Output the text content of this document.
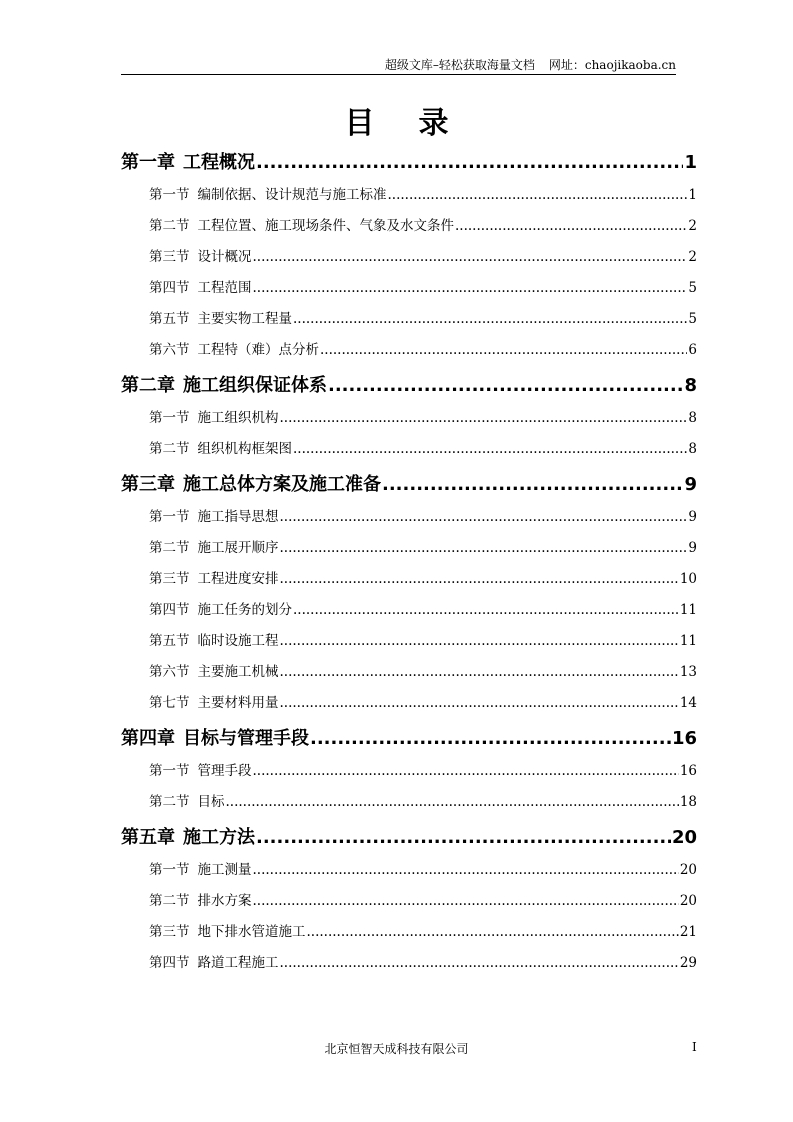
超级文库–轻松获取海量文档 网址：chaojikaoba.cn
目录
第一章 工程概况 .....	1
第一节 编制依据、设计规范与施工标准 .....	1
第二节 工程位置、施工现场条件、气象及水文条件 .....	2
第三节 设计概况 .....	2
第四节 工程范围 .....	5
第五节 主要实物工程量 .....	5
第六节 工程特（难）点分析 .....	6
第二章 施工组织保证体系 .....	8
第一节 施工组织机构 .....	8
第二节 组织机构框架图 .....	8
第三章 施工总体方案及施工准备 .....	9
第一节 施工指导思想 .....	9
第二节 施工展开顺序 .....	9
第三节 工程进度安排 .....	10
第四节 施工任务的划分 .....	11
第五节 临时设施工程 .....	11
第六节 主要施工机械 .....	13
第七节 主要材料用量 .....	14
第四章 目标与管理手段 .....	16
第一节 管理手段 .....	16
第二节 目标 .....	18
第五章 施工方法 .....	20
第一节 施工测量 .....	20
第二节 排水方案 .....	20
第三节 地下排水管道施工 .....	21
第四节 路道工程施工 .....	29
北京恒智天成科技有限公司	I
